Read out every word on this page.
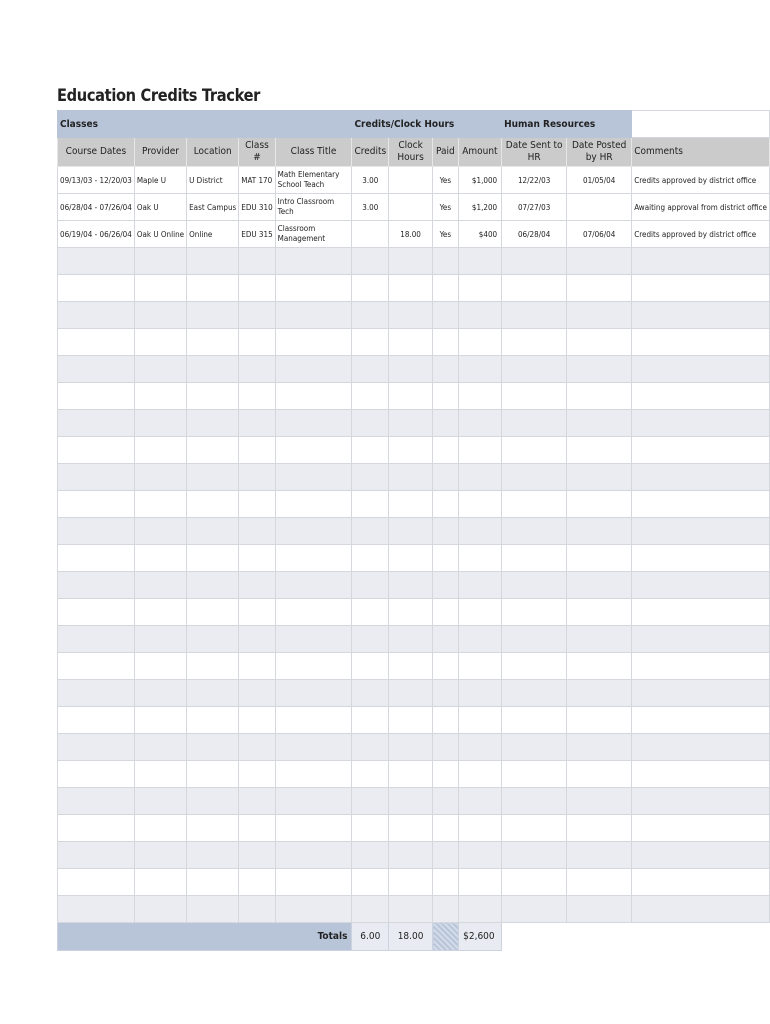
Education Credits Tracker
Classes					Credits/Clock Hours				Human Resources		
Course Dates	Provider	Location	Class #	Class Title	Credits	Clock Hours	Paid	Amount	Date Sent to HR	Date Posted by HR	Comments
09/13/03 - 12/20/03	Maple U	U District	MAT 170	Math Elementary School Teach	3.00		Yes	$1,000	12/22/03	01/05/04	Credits approved by district office
06/28/04 - 07/26/04	Oak U	East Campus	EDU 310	Intro Classroom Tech	3.00		Yes	$1,200	07/27/03		Awaiting approval from district office
06/19/04 - 06/26/04	Oak U Online	Online	EDU 315	Classroom Management		18.00	Yes	$400	06/28/04	07/06/04	Credits approved by district office

Totals					6.00	18.00		$2,600			
